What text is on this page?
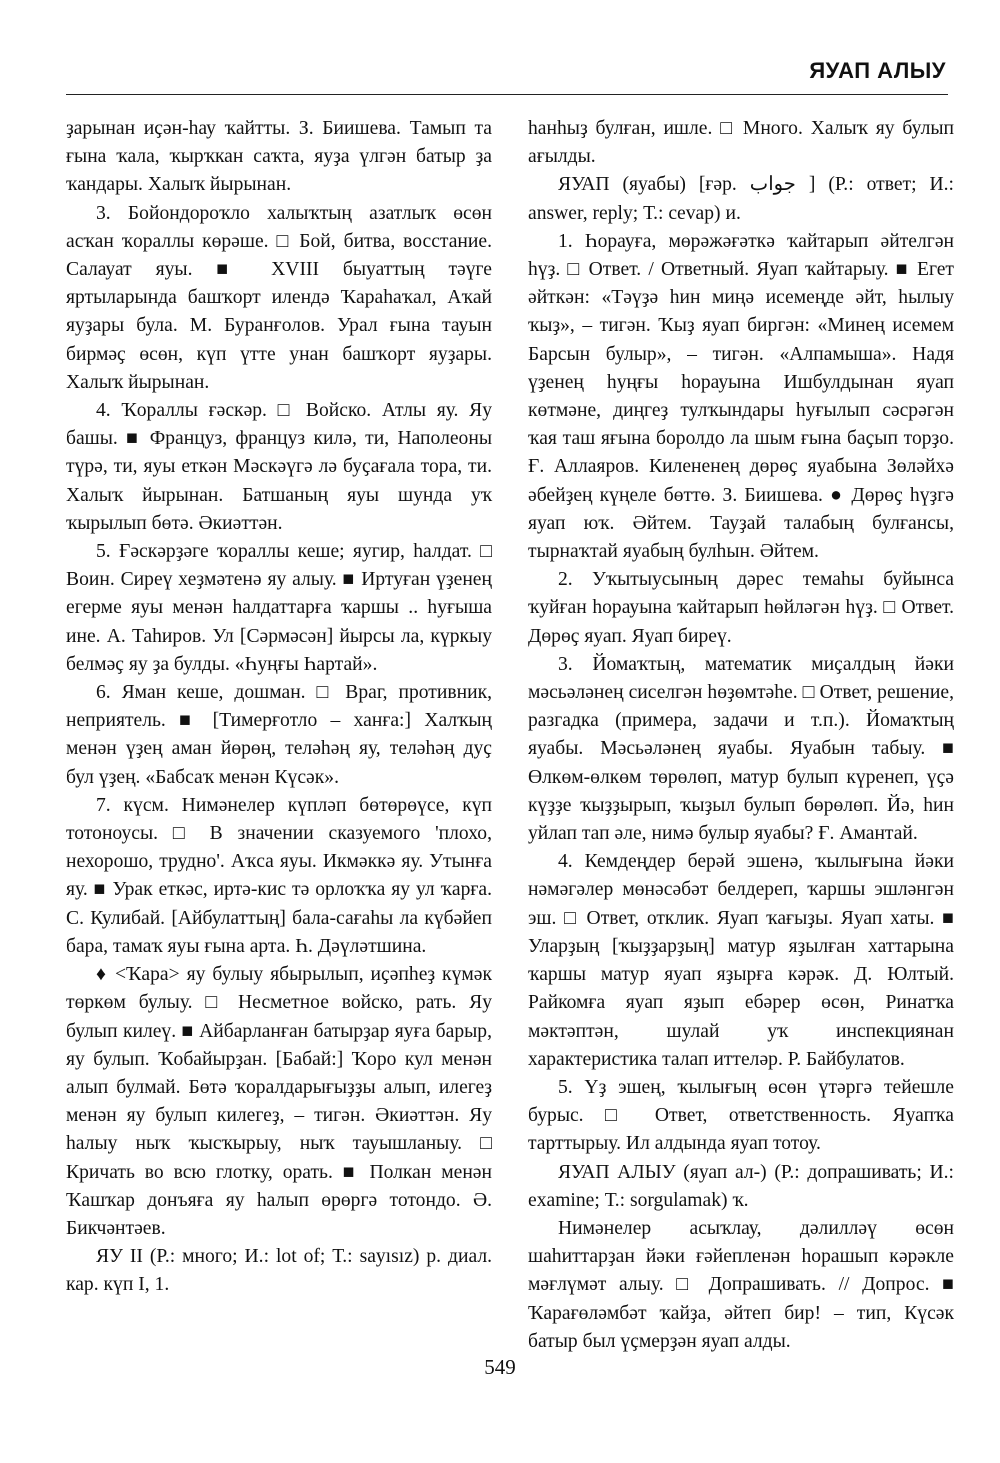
ЯУАП АЛЫУ

ҙарынан иҫән-һау ҡайтты. З. Биишева. Тамып та ғына ҡала, ҡырҡкан саҡта, яуҙа үлгән батыр ҙа ҡандары. Халыҡ йырынан.

3. Бойондороҡло халыҡтың азатлыҡ өсөн асҡан ҡораллы көрәше. □ Бой, битва, восстание. Салауат яуы. ■ XVIII быуаттың тәүге яртыларында башҡорт илендә Ҡараһаҡал, Аҡай яуҙары була. М. Буранғолов. Урал ғына тауын бирмәҫ өсөн, күп үтте унан башҡорт яуҙары. Халыҡ йырынан.

4. Ҡораллы ғәскәр. □ Войско. Атлы яу. Яу башы. ■ Француз, француз килә, ти, Наполеоны түрә, ти, яуы еткән Мәскәүгә лә буҫағала тора, ти. Халыҡ йырынан. Батшаның яуы шунда уҡ ҡырылып бөтә. Әкиәттән.

5. Ғәскәрҙәге ҡораллы кеше; яугир, һалдат. □ Воин. Сиреү хеҙмәтенә яу алыу. ■ Иртуған үҙенең егерме яуы менән һалдаттарға ҡаршы .. һуғыша ине. А. Таһиров. Ул [Сәрмәсән] йырсы ла, күркыу белмәҫ яу ҙа булды. «Һуңғы Һартай».

6. Яман кеше, дошман. □ Враг, противник, неприятель. ■ [Тимерғотло – ханға:] Халҡың менән үҙең аман йөрөң, теләһәң яу, теләһәң дуҫ бул үҙең. «Бабсаҡ менән Күсәк».

7. күсм. Нимәнелер күпләп бөтөрөүсе, күп тотоноусы. □ В значении сказуемого 'плохо, нехорошо, трудно'. Аҡса яуы. Икмәккә яу. Утынға яу. ■ Урак еткәс, иртә-кис тә орлоҡҡа яу ул ҡарға. С. Кулибай. [Айбулаттың] бала-сағаһы ла күбәйеп бара, тамаҡ яуы ғына арта. Һ. Дәүләтшина.

♦ <Ҡара> яу булыу ябырылып, иҫәпһеҙ күмәк төркөм булыу. □ Несметное войско, рать. Яу булып килеү. ■ Айбарланған батырҙар яуға барыр, яу булып. Ҡобайырҙан. [Бабай:] Ҡоро кул менән алып булмай. Бөтә ҡоралдарығыҙҙы алып, илегеҙ менән яу булып килегеҙ, – тигән. Әкиәттән. Яу һалыу ныҡ ҡысҡырыу, ныҡ тауышланыу. □ Кричать во всю глотку, орать. ■ Полкан менән Ҡашҡар донъяға яу һалып өрөргә тотондо. Ә. Бикчәнтәев.

ЯУ II (Р.: много; И.: lot of; Т.: sayısız) р. диал. кар. күп I, 1.

һанһыҙ булған, ишле. □ Много. Халыҡ яу булып ағылды.

ЯУАП (яуабы) [ғәр. جواب ] (Р.: ответ; И.: answer, reply; Т.: cevap) и.

1. Һорауға, мөрәжәғәткә ҡайтарып әйтелгән һүҙ. □ Ответ. / Ответный. Яуап ҡайтарыу. ■ Егет әйткән: «Тәүҙә һин миңә исемеңде әйт, һылыу ҡыҙ», – тигән. Ҡыҙ яуап биргән: «Минең исемем Барсын булыр», – тигән. «Алпамыша». Надя үҙенең һуңғы һорауына Ишбулдынан яуап көтмәне, диңгеҙ тулҡындары һуғылып сәсрәгән ҡая таш яғына боролдо ла шым ғына баҫып торҙо. Ғ. Аллаяров. Килененең дөрөҫ яуабына Зөләйхә әбейҙең күңеле бөттө. З. Биишева. ● Дөрөҫ һүҙгә яуап юҡ. Әйтем. Тауҙай талабың булғансы, тырнаҡтай яуабың булһын. Әйтем.

2. Уҡытыусының дәрес темаһы буйынса ҡуйған һорауына ҡайтарып һөйләгән һүҙ. □ Ответ. Дөрөҫ яуап. Яуап биреү.

3. Йомаҡтың, математик миҫалдың йәки мәсьәләнең сиселгән һөҙөмтәһе. □ Ответ, решение, разгадка (примера, задачи и т.п.). Йомаҡтың яуабы. Мәсьәләнең яуабы. Яуабын табыу. ■ Өлкөм-өлкөм төрөлөп, матур булып күренеп, үҫә күҙҙе ҡыҙҙырып, ҡыҙыл булып бөрөлөп. Йә, һин уйлап тап әле, нимә булыр яуабы? Ғ. Амантай.

4. Кемдеңдер берәй эшенә, ҡылығына йәки нәмәгәлер мөнәсәбәт белдереп, ҡаршы эшләнгән эш. □ Ответ, отклик. Яуап ҡағыҙы. Яуап хаты. ■ Уларҙың [ҡыҙҙарҙың] матур яҙылған хаттарына ҡаршы матур яуап яҙырға кәрәк. Д. Юлтый. Райкомға яуап яҙып ебәрер өсөн, Ринатҡа мәктәптән, шулай уҡ инспекциянан характеристика талап иттеләр. Р. Байбулатов.

5. Үҙ эшең, ҡылығың өсөн үтәргә тейешле бурыс. □ Ответ, ответственность. Яуапҡа тарттырыу. Ил алдында яуап тотоу.

ЯУАП АЛЫУ (яуап ал-) (Р.: допрашивать; И.: examine; Т.: sorgulamak) ҡ.

Нимәнелер асыҡлау, дәлилләү өсөн шаһиттарҙан йәки ғәйепленән һорашып кәрәкле мәғлүмәт алыу. □ Допрашивать. // Допрос. ■ Ҡарағөләмбәт ҡайҙа, әйтеп бир! – тип, Күсәк батыр был үҫмерҙән яуап алды.

549
